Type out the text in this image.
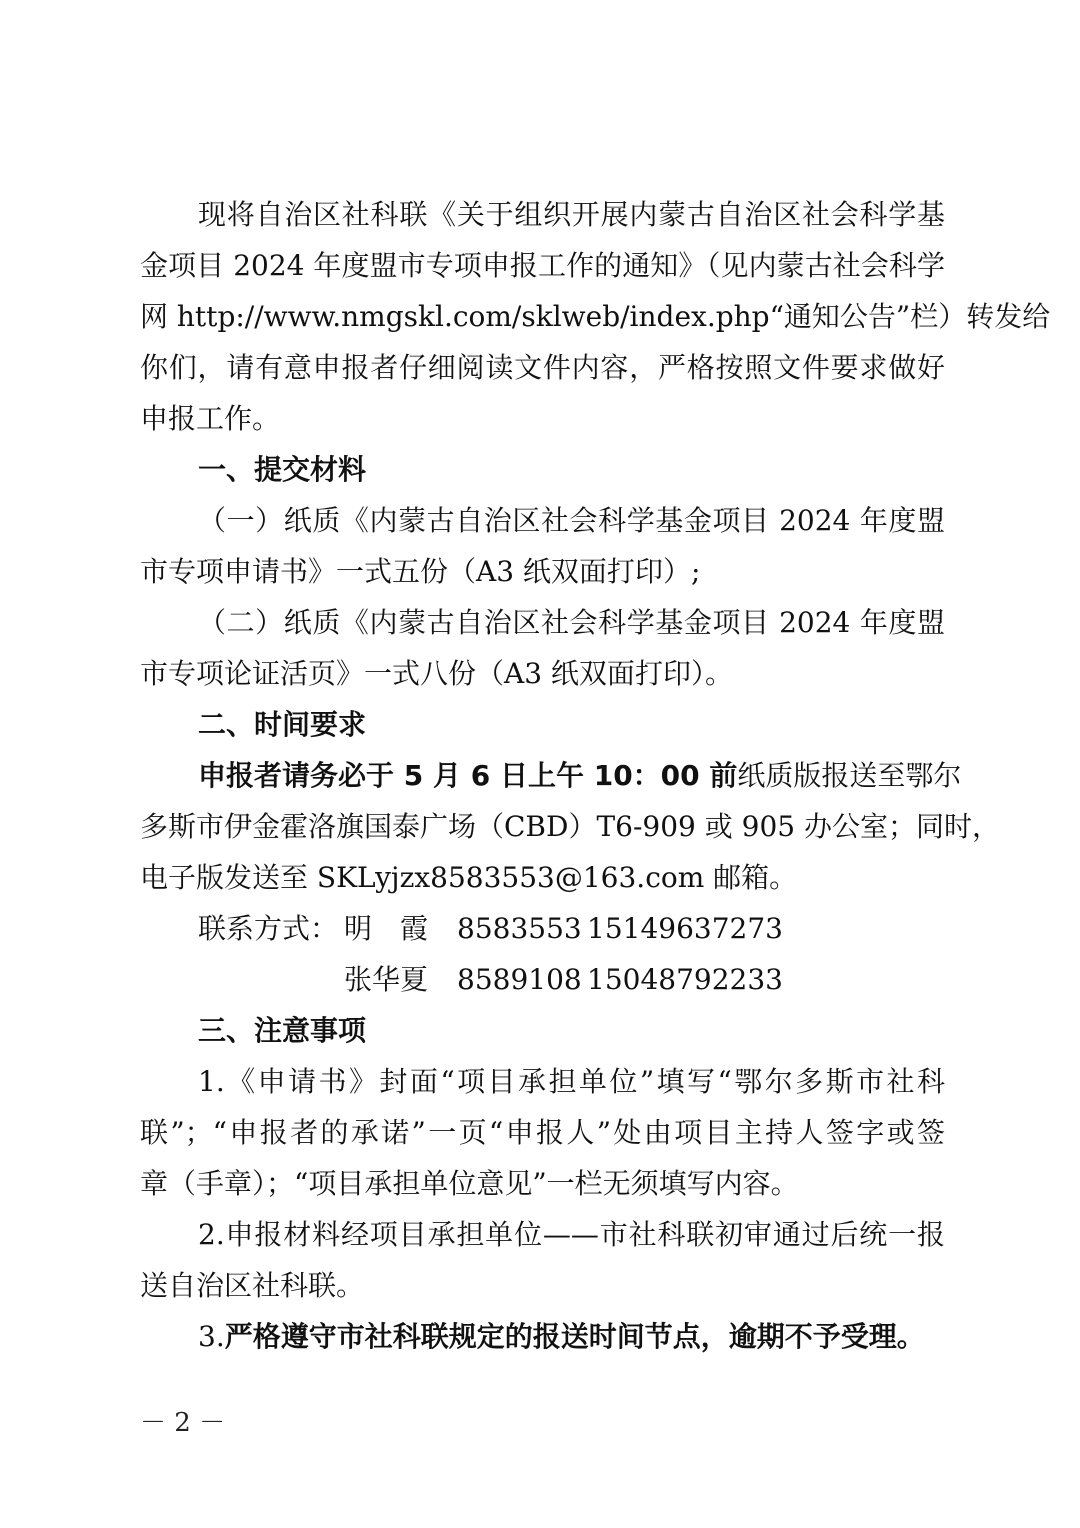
现将自治区社科联《关于组织开展内蒙古自治区社会科学基
金项目 2024 年度盟市专项申报工作的通知》（见内蒙古社会科学
网 http://www.nmgskl.com/sklweb/index.php“通知公告”栏）转发给
你们，请有意申报者仔细阅读文件内容，严格按照文件要求做好
申报工作。
一、提交材料
（一）纸质《内蒙古自治区社会科学基金项目 2024 年度盟
市专项申请书》一式五份（A3 纸双面打印）;
（二）纸质《内蒙古自治区社会科学基金项目 2024 年度盟
市专项论证活页》一式八份（A3 纸双面打印）。
二、时间要求
申报者请务必于 5 月 6 日上午 10：00 前纸质版报送至鄂尔
多斯市伊金霍洛旗国泰广场（CBD）T6-909 或 905 办公室；同时，
电子版发送至 SKLyjzx8583553@163.com 邮箱。
联系方式： 明　霞 8583553 15149637273
张华夏 8589108 15048792233
三、注意事项
1.《申请书》封面“项目承担单位”填写“鄂尔多斯市社科
联”；“申报者的承诺”一页“申报人”处由项目主持人签字或签
章（手章）；“项目承担单位意见”一栏无须填写内容。
2.申报材料经项目承担单位——市社科联初审通过后统一报
送自治区社科联。
3.严格遵守市社科联规定的报送时间节点，逾期不予受理。
－ 2 －
